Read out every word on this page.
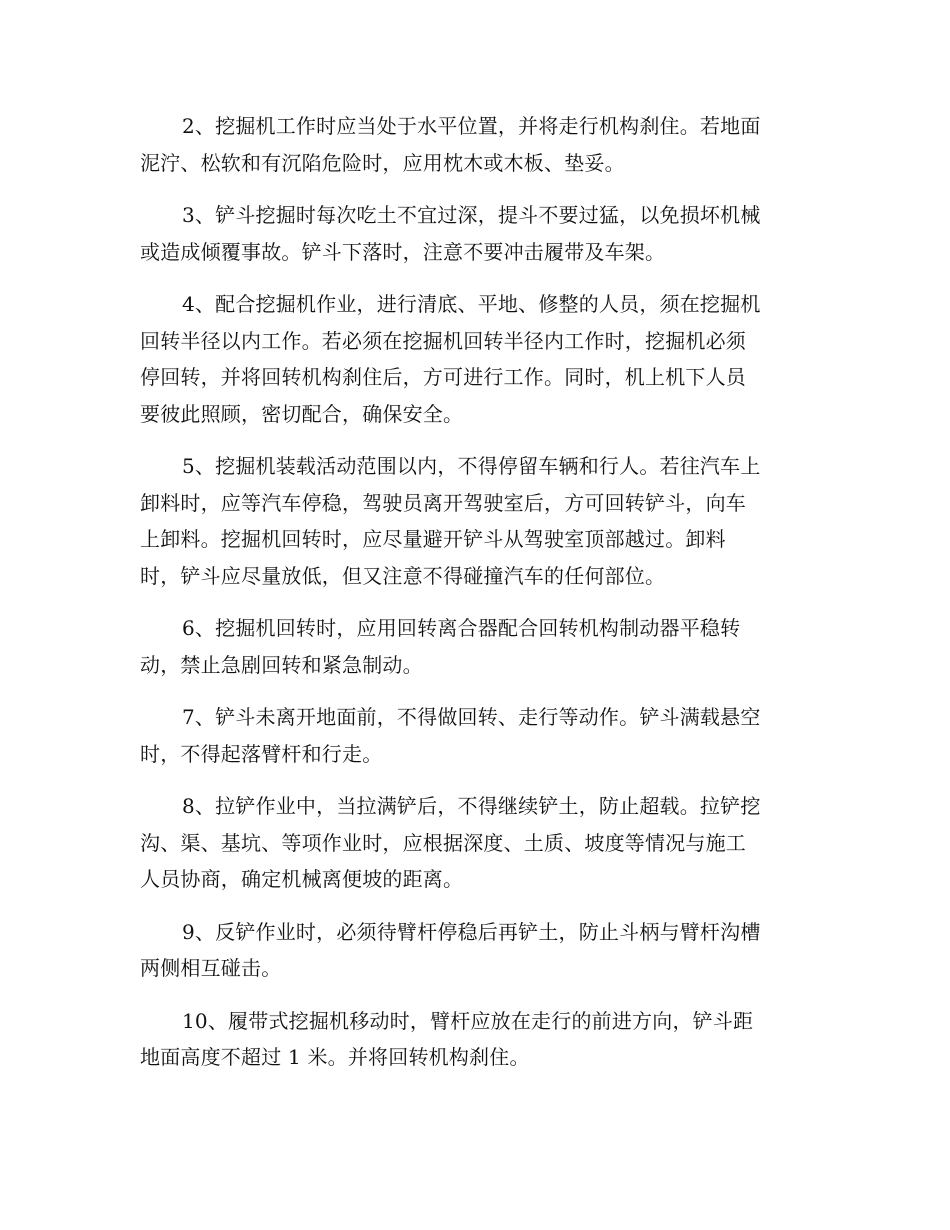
2、挖掘机工作时应当处于水平位置，并将走行机构刹住。若地面
泥泞、松软和有沉陷危险时，应用枕木或木板、垫妥。

3、铲斗挖掘时每次吃土不宜过深，提斗不要过猛，以免损坏机械
或造成倾覆事故。铲斗下落时，注意不要冲击履带及车架。

4、配合挖掘机作业，进行清底、平地、修整的人员，须在挖掘机
回转半径以内工作。若必须在挖掘机回转半径内工作时，挖掘机必须
停回转，并将回转机构刹住后，方可进行工作。同时，机上机下人员
要彼此照顾，密切配合，确保安全。

5、挖掘机装载活动范围以内，不得停留车辆和行人。若往汽车上
卸料时，应等汽车停稳，驾驶员离开驾驶室后，方可回转铲斗，向车
上卸料。挖掘机回转时，应尽量避开铲斗从驾驶室顶部越过。卸料
时，铲斗应尽量放低，但又注意不得碰撞汽车的任何部位。

6、挖掘机回转时，应用回转离合器配合回转机构制动器平稳转
动，禁止急剧回转和紧急制动。

7、铲斗未离开地面前，不得做回转、走行等动作。铲斗满载悬空
时，不得起落臂杆和行走。

8、拉铲作业中，当拉满铲后，不得继续铲土，防止超载。拉铲挖
沟、渠、基坑、等项作业时，应根据深度、土质、坡度等情况与施工
人员协商，确定机械离便坡的距离。

9、反铲作业时，必须待臂杆停稳后再铲土，防止斗柄与臂杆沟槽
两侧相互碰击。

10、履带式挖掘机移动时，臂杆应放在走行的前进方向，铲斗距
地面高度不超过 1 米。并将回转机构刹住。
